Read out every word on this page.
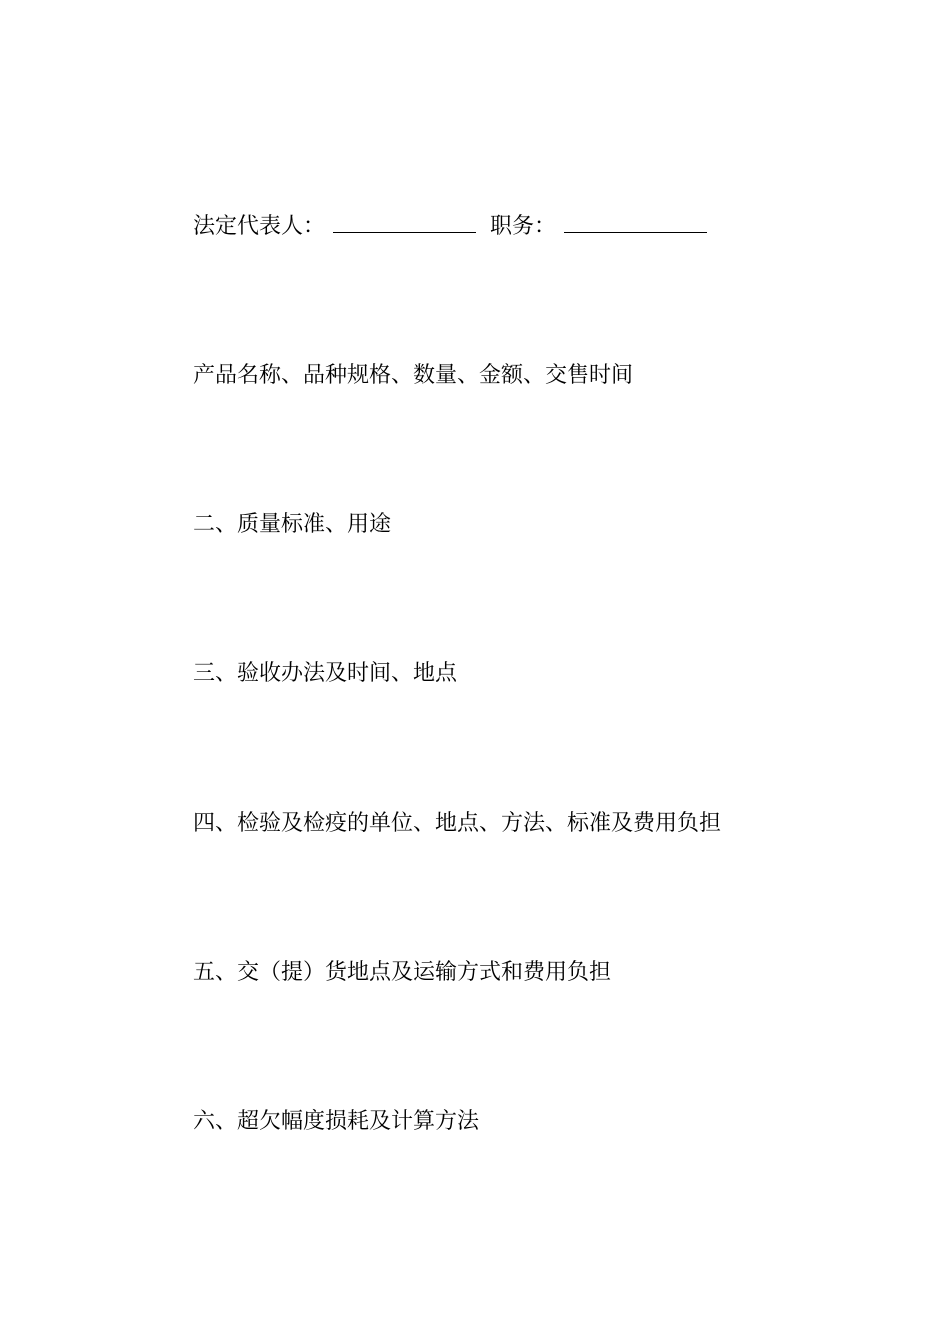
法定代表人：	职务：
产品名称、品种规格、数量、金额、交售时间
二、质量标准、用途
三、验收办法及时间、地点
四、检验及检疫的单位、地点、方法、标准及费用负担
五、交（提）货地点及运输方式和费用负担
六、超欠幅度损耗及计算方法
